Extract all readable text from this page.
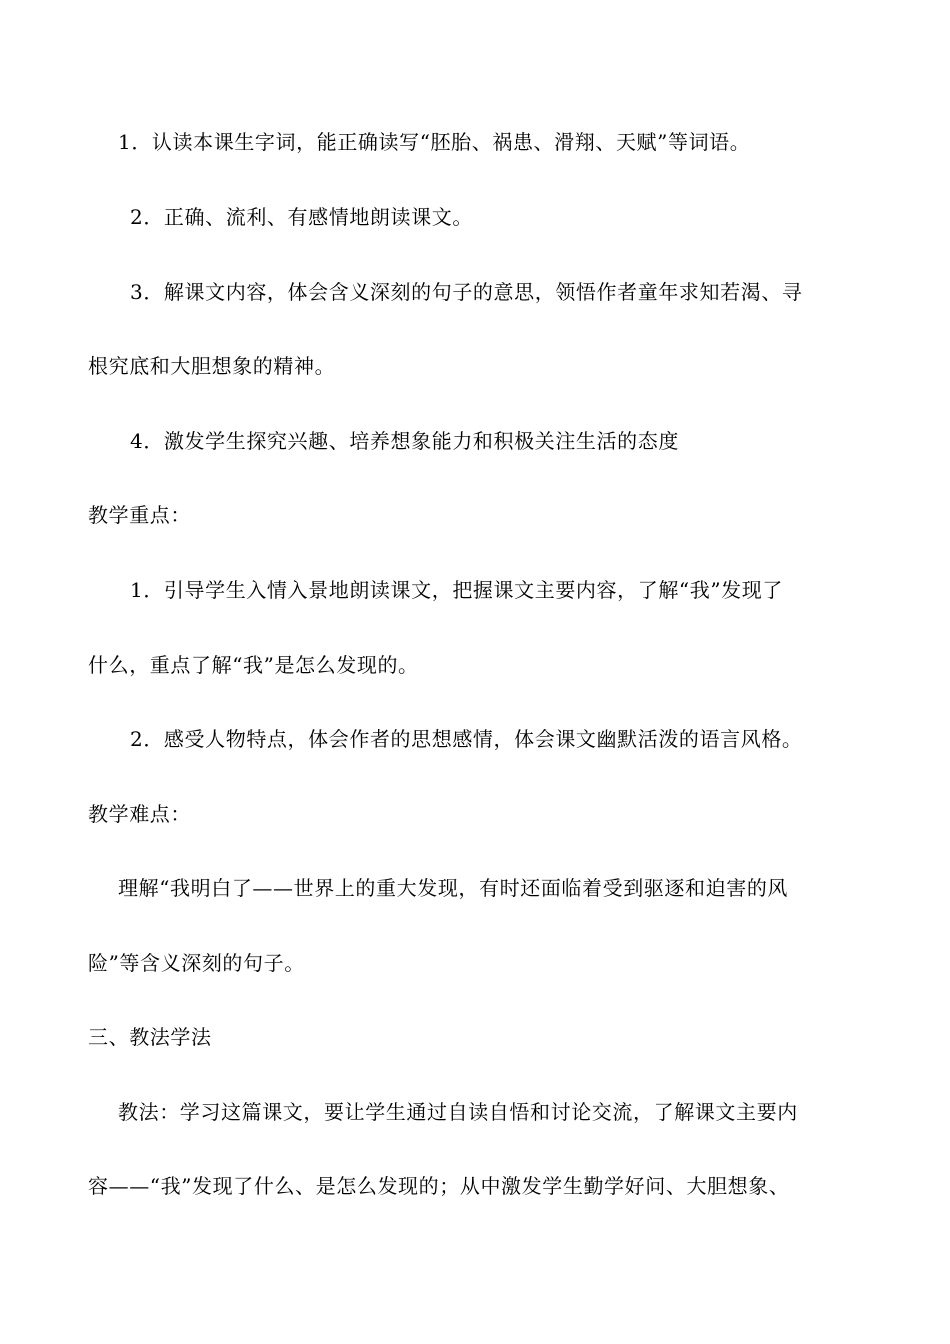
1．认读本课生字词，能正确读写“胚胎、祸患、滑翔、天赋”等词语。
2．正确、流利、有感情地朗读课文。
3．解课文内容，体会含义深刻的句子的意思，领悟作者童年求知若渴、寻
根究底和大胆想象的精神。
4．激发学生探究兴趣、培养想象能力和积极关注生活的态度
教学重点：
1．引导学生入情入景地朗读课文，把握课文主要内容，了解“我”发现了
什么，重点了解“我”是怎么发现的。
2．感受人物特点，体会作者的思想感情，体会课文幽默活泼的语言风格。
教学难点：
理解“我明白了——世界上的重大发现，有时还面临着受到驱逐和迫害的风
险”等含义深刻的句子。
三、教法学法
教法：学习这篇课文，要让学生通过自读自悟和讨论交流，了解课文主要内
容——“我”发现了什么、是怎么发现的；从中激发学生勤学好问、大胆想象、
